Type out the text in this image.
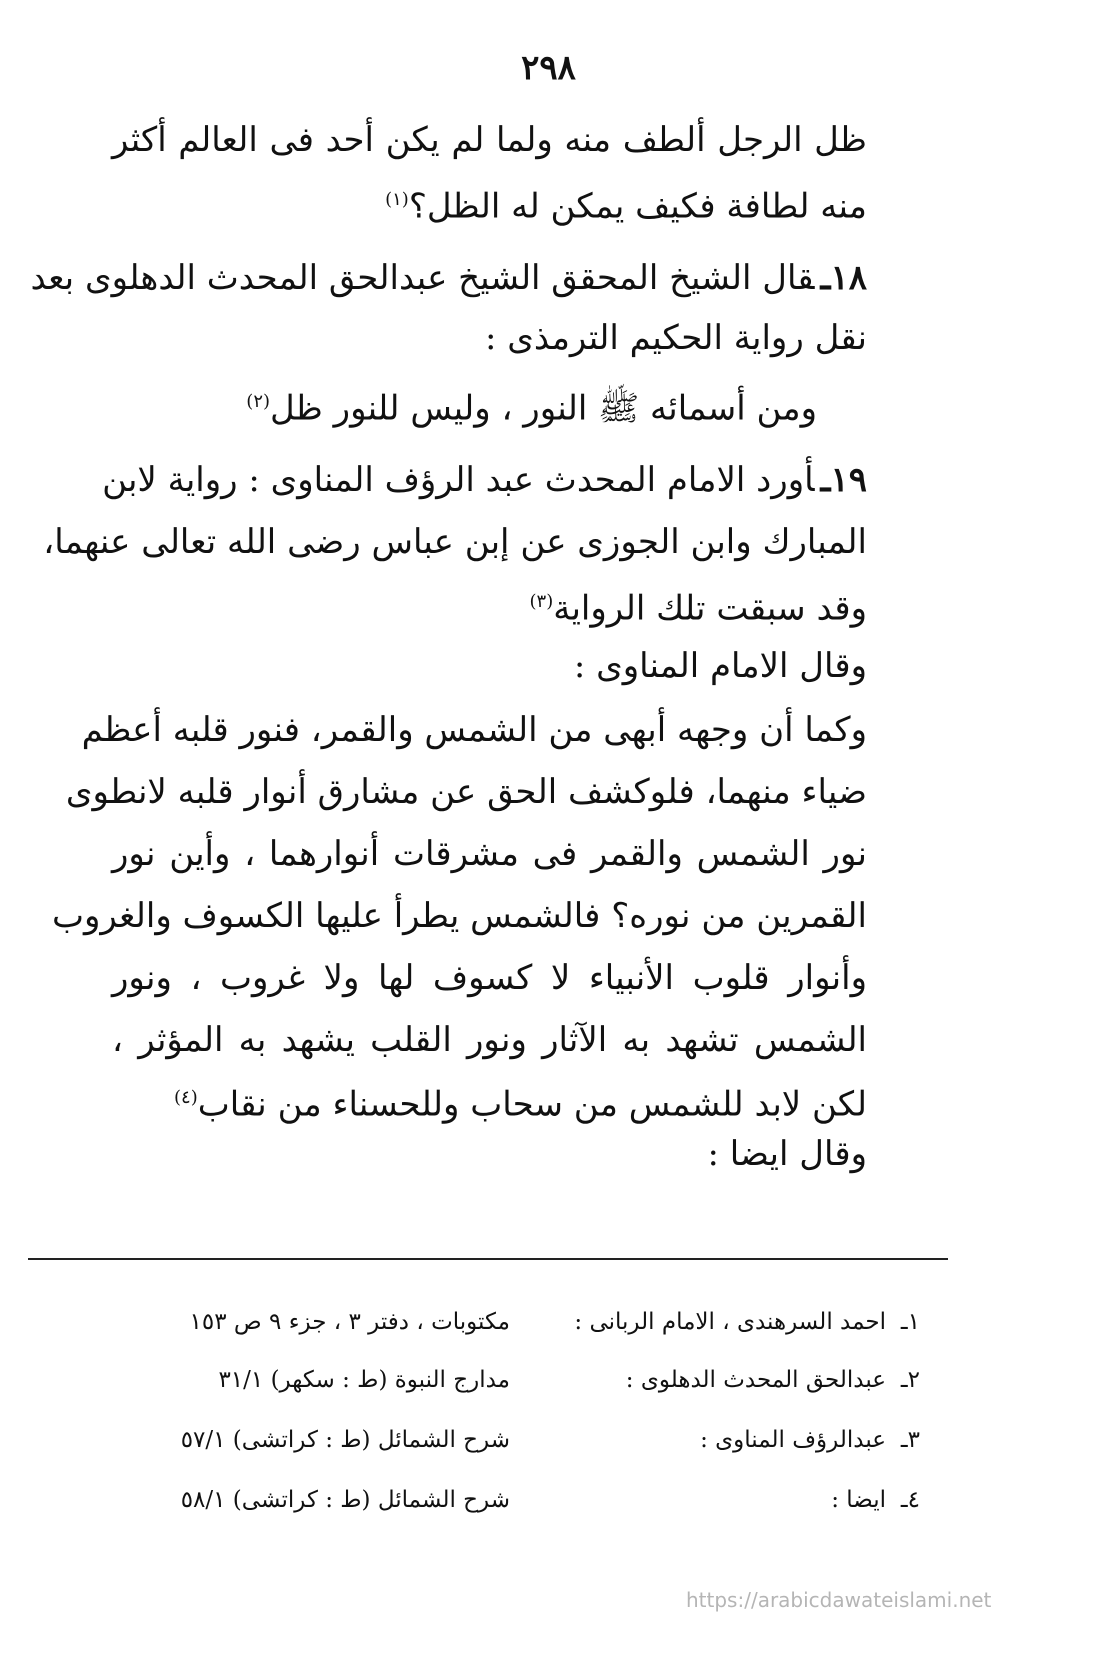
٢٩٨
ظل الرجل ألطف منه ولما لم يكن أحد فى العالم أكثر
منه لطافة فكيف يمكن له الظل؟$^{(١)}$
١٨ـقال الشيخ المحقق الشيخ عبدالحق المحدث الدهلوى بعد
نقل رواية الحكيم الترمذى :
ومن أسمائه ﷺ النور ، وليس للنور ظل$^{(٢)}$
١٩ـأورد الامام المحدث عبد الرؤف المناوى : رواية لابن
المبارك وابن الجوزى عن إبن عباس رضى الله تعالى عنهما،
وقد سبقت تلك الرواية$^{(٣)}$
وقال الامام المناوى :
وكما أن وجهه أبهى من الشمس والقمر، فنور قلبه أعظم
ضياء منهما، فلوكشف الحق عن مشارق أنوار قلبه لانطوى
نور الشمس والقمر فى مشرقات أنوارهما ، وأين نور
القمرين من نوره؟ فالشمس يطرأ عليها الكسوف والغروب
وأنوار قلوب الأنبياء لا كسوف لها ولا غروب ، ونور
الشمس تشهد به الآثار ونور القلب يشهد به المؤثر ،
لكن لابد للشمس من سحاب وللحسناء من نقاب$^{(٤)}$
وقال ايضا :
١ـ
احمد السرهندى ، الامام الربانى :
مكتوبات ، دفتر ٣ ، جزء ٩ ص ١٥٣
٢ـ
عبدالحق المحدث الدهلوى :
مدارج النبوة (ط : سكهر) ٣١/١
٣ـ
عبدالرؤف المناوى :
شرح الشمائل (ط : كراتشى) ٥٧/١
٤ـ
ايضا :
شرح الشمائل (ط : كراتشى) ٥٨/١
https://arabicdawateislami.net
